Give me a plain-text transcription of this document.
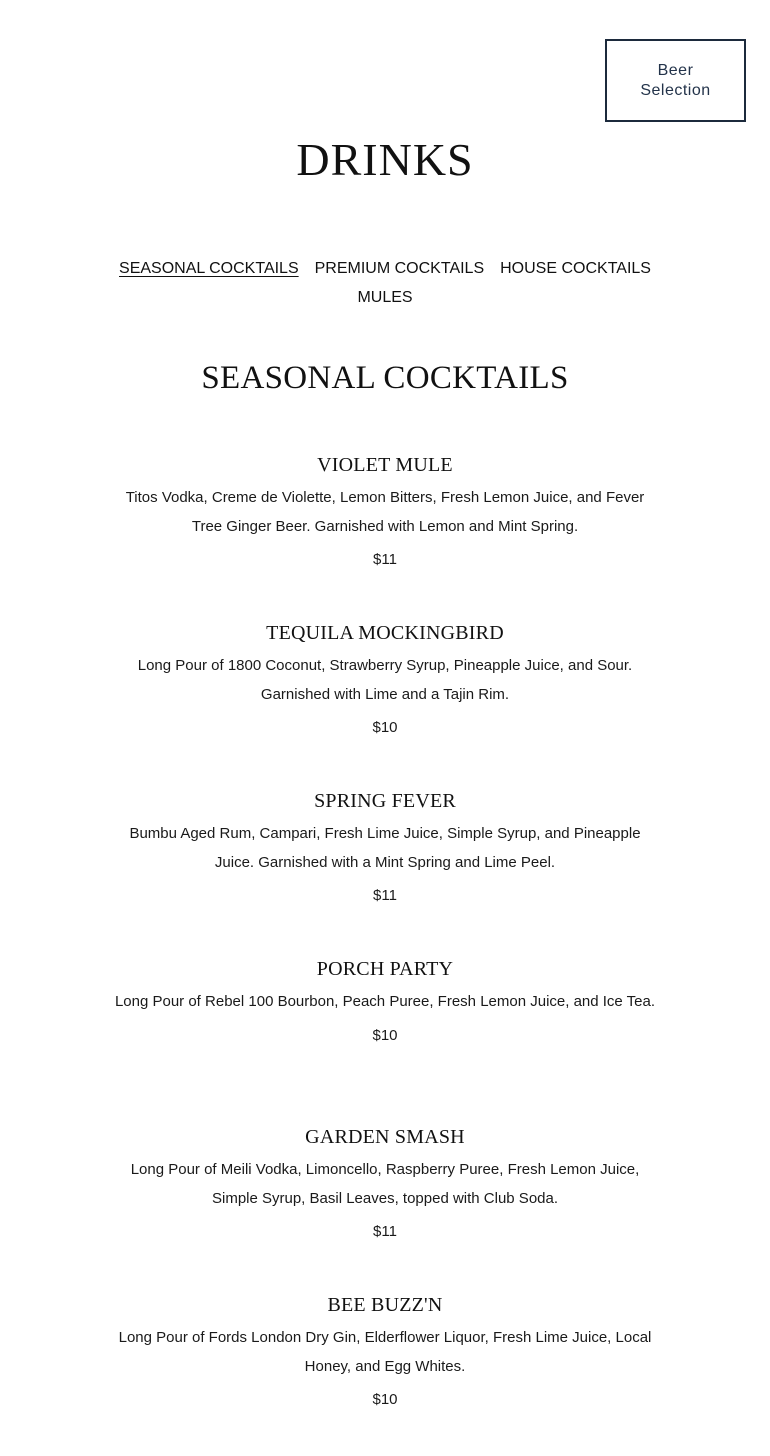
Beer Selection
DRINKS
SEASONAL COCKTAILS PREMIUM COCKTAILS HOUSE COCKTAILS
MULES
SEASONAL COCKTAILS
VIOLET MULE

Titos Vodka, Creme de Violette, Lemon Bitters, Fresh Lemon Juice, and Fever Tree Ginger Beer. Garnished with Lemon and Mint Spring.

$11

TEQUILA MOCKINGBIRD

Long Pour of 1800 Coconut, Strawberry Syrup, Pineapple Juice, and Sour. Garnished with Lime and a Tajin Rim.

$10

SPRING FEVER

Bumbu Aged Rum, Campari, Fresh Lime Juice, Simple Syrup, and Pineapple Juice. Garnished with a Mint Spring and Lime Peel.

$11

PORCH PARTY

Long Pour of Rebel 100 Bourbon, Peach Puree, Fresh Lemon Juice, and Ice Tea.

$10

GARDEN SMASH

Long Pour of Meili Vodka, Limoncello, Raspberry Puree, Fresh Lemon Juice, Simple Syrup, Basil Leaves, topped with Club Soda.

$11

BEE BUZZ'N

Long Pour of Fords London Dry Gin, Elderflower Liquor, Fresh Lime Juice, Local Honey, and Egg Whites.

$10
